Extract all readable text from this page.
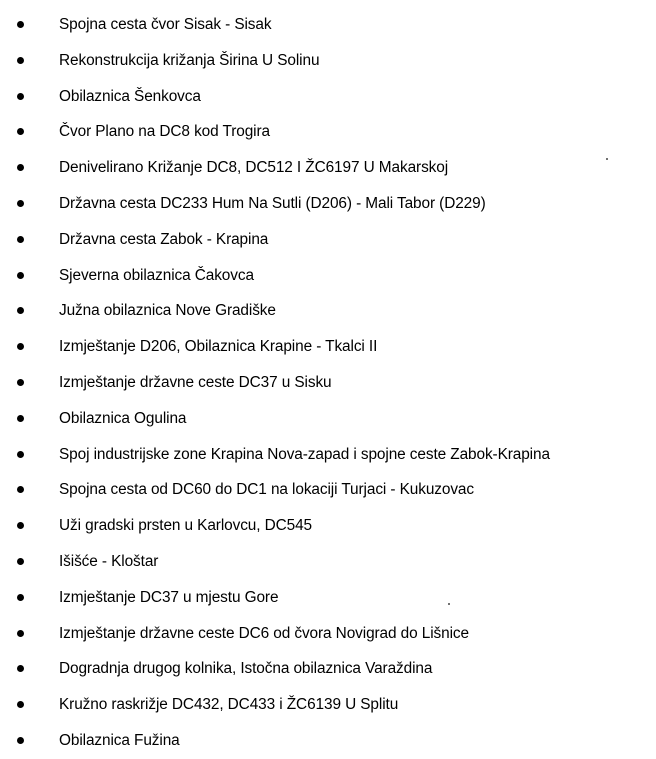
Spojna cesta čvor Sisak - Sisak
Rekonstrukcija križanja Širina U Solinu
Obilaznica Šenkovca
Čvor Plano na DC8 kod Trogira
Denivelirano Križanje DC8, DC512 I ŽC6197 U Makarskoj
Državna cesta DC233 Hum Na Sutli (D206) - Mali Tabor (D229)
Državna cesta Zabok - Krapina
Sjeverna obilaznica Čakovca
Južna obilaznica Nove Gradiške
Izmještanje D206, Obilaznica Krapine - Tkalci II
Izmještanje državne ceste DC37 u Sisku
Obilaznica Ogulina
Spoj industrijske zone Krapina Nova-zapad i spojne ceste Zabok-Krapina
Spojna cesta od DC60 do DC1 na lokaciji Turjaci - Kukuzovac
Uži gradski prsten u Karlovcu, DC545
Išišće - Kloštar
Izmještanje DC37 u mjestu Gore
Izmještanje državne ceste DC6 od čvora Novigrad do Lišnice
Dogradnja drugog kolnika, Istočna obilaznica Varaždina
Kružno raskrižje DC432, DC433 i ŽC6139 U Splitu
Obilaznica Fužina
